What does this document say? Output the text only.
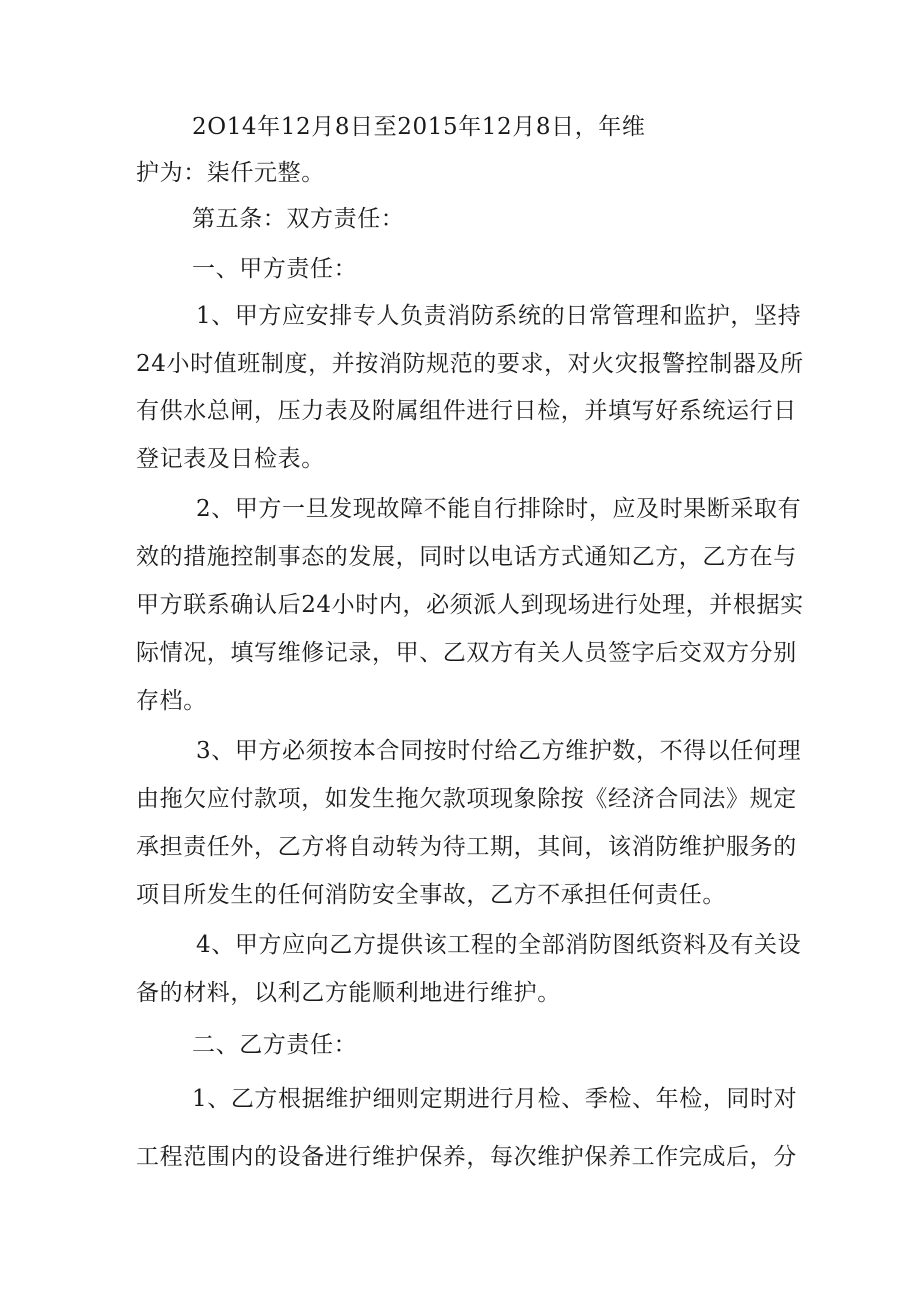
2O14年12月8日至2015年12月8日，年维
护为：柒仟元整。
第五条：双方责任：
一、甲方责任：
1、甲方应安排专人负责消防系统的日常管理和监护，坚持
24小时值班制度，并按消防规范的要求，对火灾报警控制器及所
有供水总闸，压力表及附属组件进行日检，并填写好系统运行日
登记表及日检表。
2、甲方一旦发现故障不能自行排除时，应及时果断采取有
效的措施控制事态的发展，同时以电话方式通知乙方，乙方在与
甲方联系确认后24小时内，必须派人到现场进行处理，并根据实
际情况，填写维修记录，甲、乙双方有关人员签字后交双方分别
存档。
3、甲方必须按本合同按时付给乙方维护数，不得以任何理
由拖欠应付款项，如发生拖欠款项现象除按《经济合同法》规定
承担责任外，乙方将自动转为待工期，其间，该消防维护服务的
项目所发生的任何消防安全事故，乙方不承担任何责任。
4、甲方应向乙方提供该工程的全部消防图纸资料及有关设
备的材料，以利乙方能顺利地进行维护。
二、乙方责任：
1、乙方根据维护细则定期进行月检、季检、年检，同时对
工程范围内的设备进行维护保养，每次维护保养工作完成后，分
